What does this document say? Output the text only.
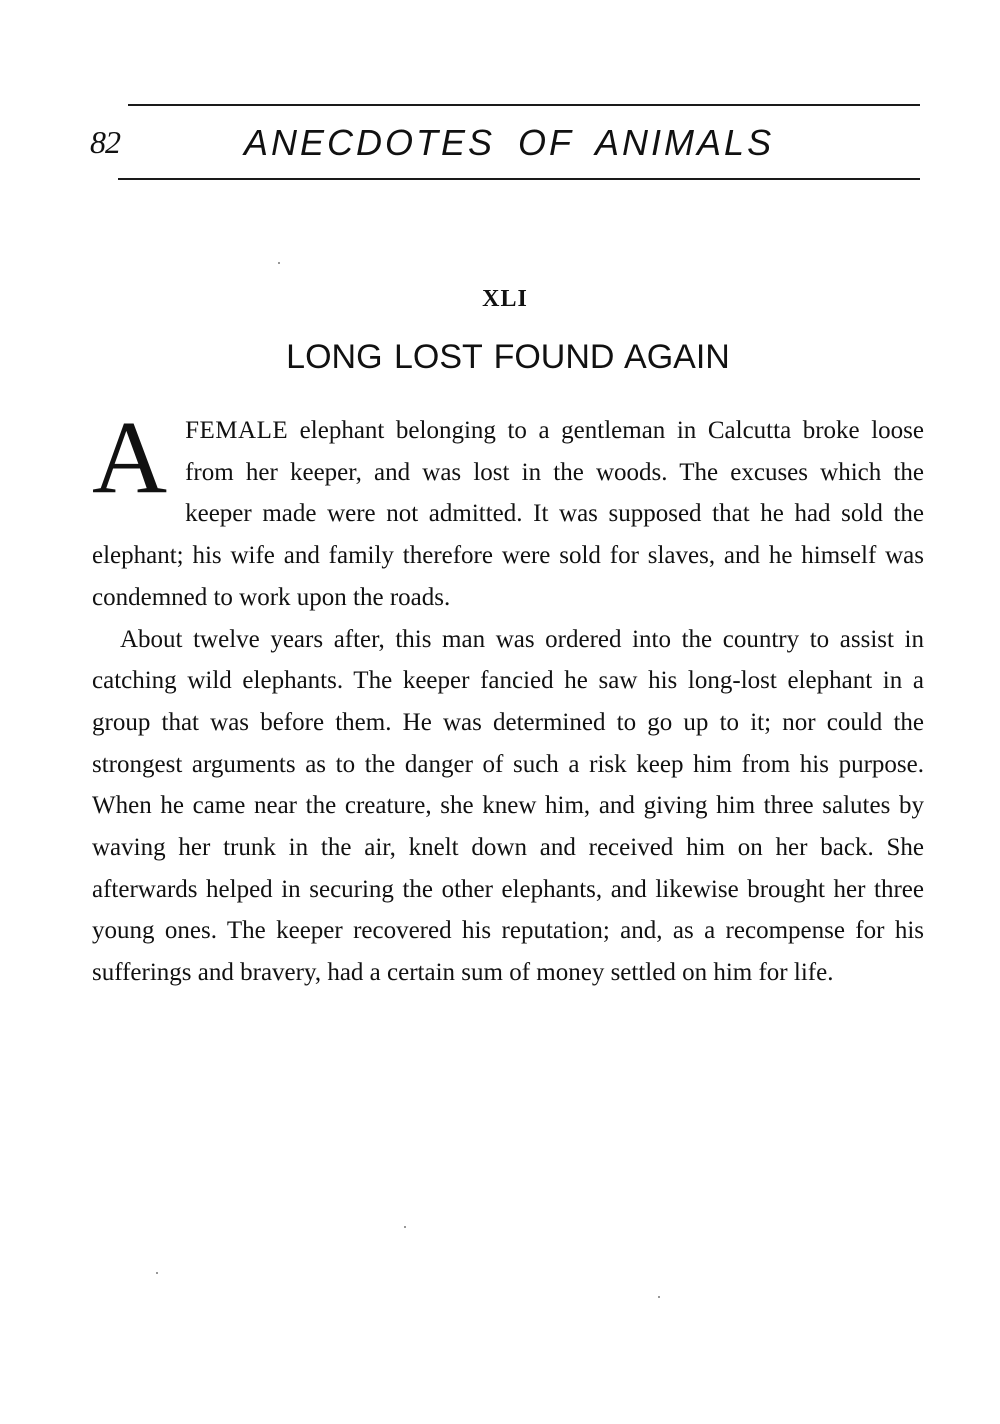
82	ANECDOTES OF ANIMALS
XLI
LONG LOST FOUND AGAIN

AFEMALE elephant belonging to a gentleman in Calcutta broke loose from her keeper, and was lost in the woods. The excuses which the keeper made were not admitted. It was supposed that he had sold the elephant; his wife and family therefore were sold for slaves, and he himself was condemned to work upon the roads.

About twelve years after, this man was ordered into the country to assist in catching wild elephants. The keeper fancied he saw his long-lost elephant in a group that was before them. He was determined to go up to it; nor could the strongest arguments as to the danger of such a risk keep him from his purpose. When he came near the creature, she knew him, and giving him three salutes by waving her trunk in the air, knelt down and received him on her back. She afterwards helped in securing the other elephants, and likewise brought her three young ones. The keeper recovered his reputation; and, as a recompense for his sufferings and bravery, had a certain sum of money settled on him for life.
